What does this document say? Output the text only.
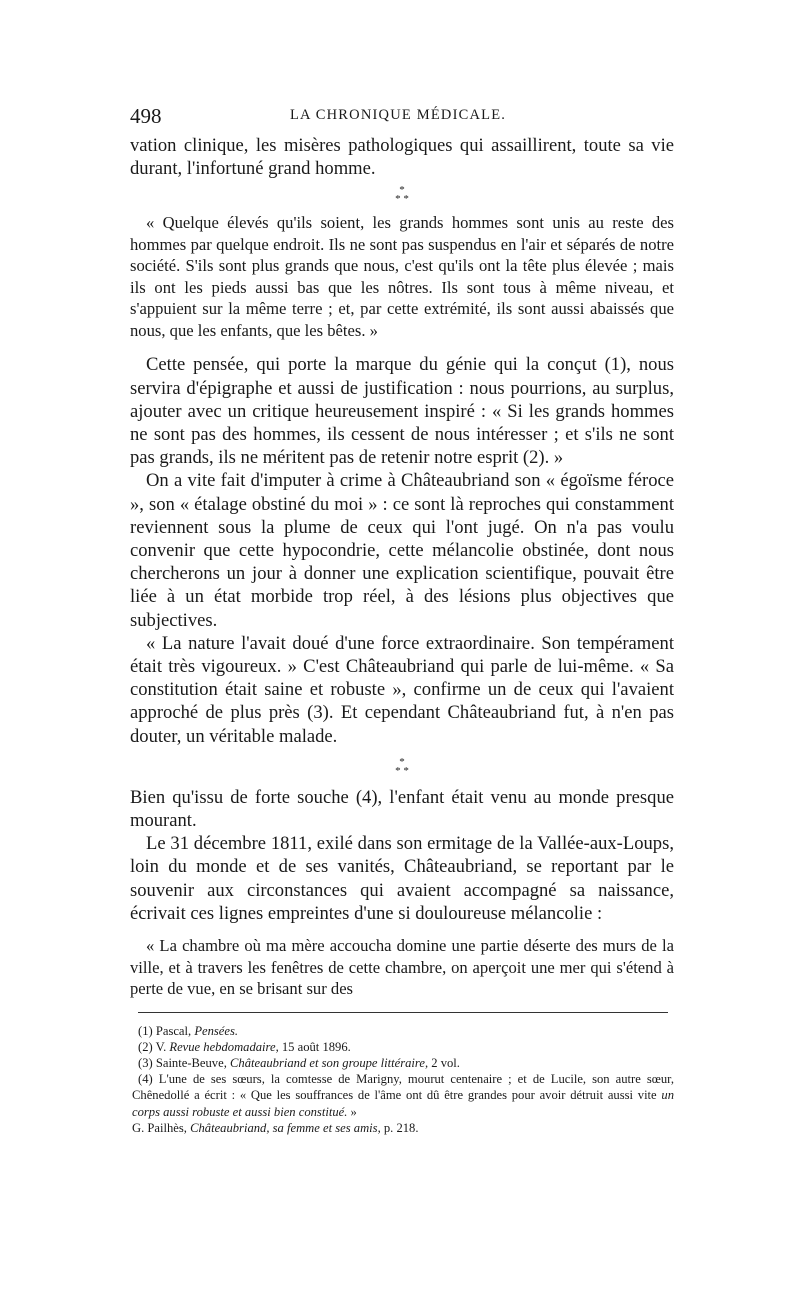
498	LA CHRONIQUE MÉDICALE.

vation clinique, les misères pathologiques qui assaillirent, toute sa vie durant, l'infortuné grand homme.

*
* *

« Quelque élevés qu'ils soient, les grands hommes sont unis au reste des hommes par quelque endroit. Ils ne sont pas suspendus en l'air et séparés de notre société. S'ils sont plus grands que nous, c'est qu'ils ont la tête plus élevée ; mais ils ont les pieds aussi bas que les nôtres. Ils sont tous à même niveau, et s'appuient sur la même terre ; et, par cette extrémité, ils sont aussi abaissés que nous, que les enfants, que les bêtes. »

Cette pensée, qui porte la marque du génie qui la conçut (1), nous servira d'épigraphe et aussi de justification : nous pourrions, au surplus, ajouter avec un critique heureusement inspiré : « Si les grands hommes ne sont pas des hommes, ils cessent de nous intéresser ; et s'ils ne sont pas grands, ils ne méritent pas de retenir notre esprit (2). »

On a vite fait d'imputer à crime à Châteaubriand son « égoïsme féroce », son « étalage obstiné du moi » : ce sont là reproches qui constamment reviennent sous la plume de ceux qui l'ont jugé. On n'a pas voulu convenir que cette hypocondrie, cette mélancolie obstinée, dont nous chercherons un jour à donner une explication scientifique, pouvait être liée à un état morbide trop réel, à des lésions plus objectives que subjectives.

« La nature l'avait doué d'une force extraordinaire. Son tempérament était très vigoureux. » C'est Châteaubriand qui parle de lui-même. « Sa constitution était saine et robuste », confirme un de ceux qui l'avaient approché de plus près (3). Et cependant Châteaubriand fut, à n'en pas douter, un véritable malade.

*
* *

Bien qu'issu de forte souche (4), l'enfant était venu au monde presque mourant.

Le 31 décembre 1811, exilé dans son ermitage de la Vallée-aux-Loups, loin du monde et de ses vanités, Châteaubriand, se reportant par le souvenir aux circonstances qui avaient accompagné sa naissance, écrivait ces lignes empreintes d'une si douloureuse mélancolie :

« La chambre où ma mère accoucha domine une partie déserte des murs de la ville, et à travers les fenêtres de cette chambre, on aperçoit une mer qui s'étend à perte de vue, en se brisant sur des

(1) Pascal, Pensées.

(2) V. Revue hebdomadaire, 15 août 1896.

(3) Sainte-Beuve, Châteaubriand et son groupe littéraire, 2 vol.

(4) L'une de ses sœurs, la comtesse de Marigny, mourut centenaire ; et de Lucile, son autre sœur, Chênedollé a écrit : « Que les souffrances de l'âme ont dû être grandes pour avoir détruit aussi vite un corps aussi robuste et aussi bien constitué. »

G. Pailhès, Châteaubriand, sa femme et ses amis, p. 218.
